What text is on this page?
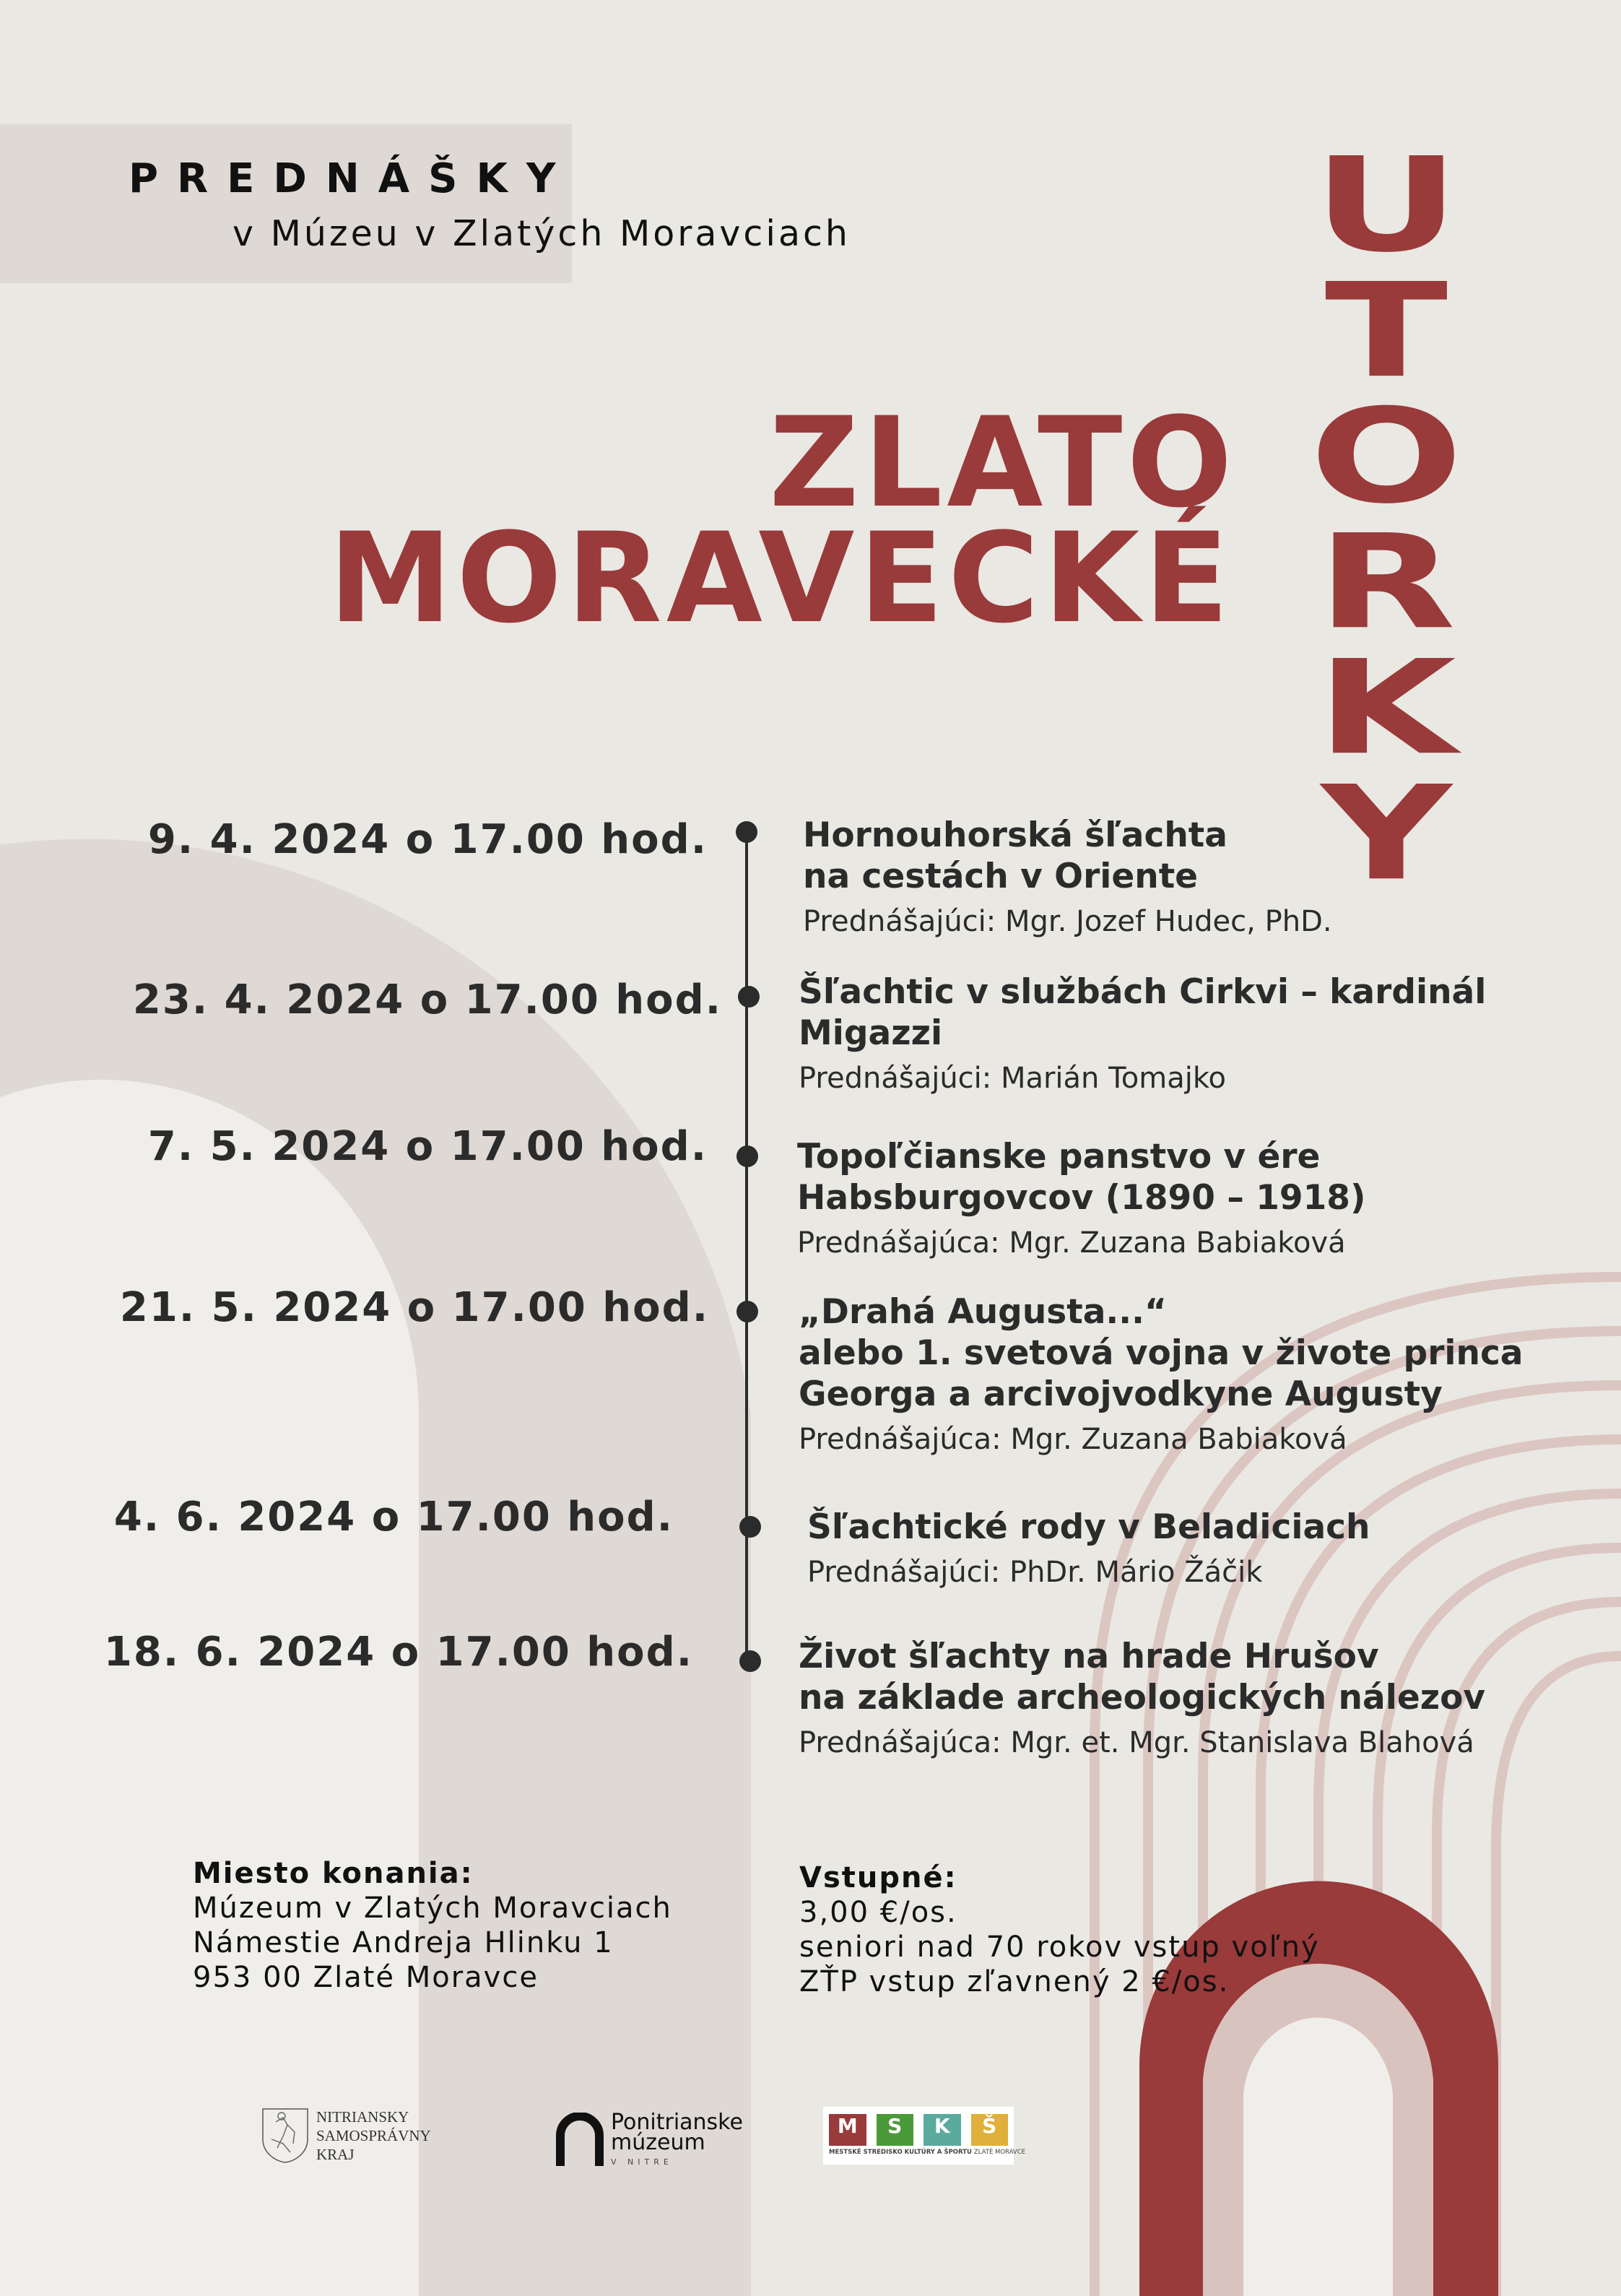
PREDNÁŠKY
v Múzeu v Zlatých Moravciach
ZLATO
MORAVECKÉ
U
T
O
R
K
Y
9. 4. 2024 o 17.00 hod.	Hornouhorská šľachta
na cestách v Oriente
Prednášajúci: Mgr. Jozef Hudec, PhD.
23. 4. 2024 o 17.00 hod. Šľachtic v službách Cirkvi – kardinál
Migazzi
Prednášajúci: Marián Tomajko
7. 5. 2024 o 17.00 hod.	Topoľčianske panstvo v ére
Habsburgovcov (1890 – 1918)
Prednášajúca: Mgr. Zuzana Babiaková
21. 5. 2024 o 17.00 hod.	„Drahá Augusta...“
alebo 1. svetová vojna v živote princa
Georga a arcivojvodkyne Augusty
Prednášajúca: Mgr. Zuzana Babiaková
4. 6. 2024 o 17.00 hod.	Šľachtické rody v Beladiciach
Prednášajúci: PhDr. Mário Žáčik
18. 6. 2024 o 17.00 hod.	Život šľachty na hrade Hrušov
na základe archeologických nálezov
Prednášajúca: Mgr. et. Mgr. Stanislava Blahová
Miesto konania:
Múzeum v Zlatých Moravciach
Námestie Andreja Hlinku 1
953 00 Zlaté Moravce
Vstupné:
3,00 €/os.
seniori nad 70 rokov vstup voľný
ZŤP vstup zľavnený 2 €/os.
NITRIANSKY
SAMOSPRÁVNY
KRAJ
Ponitrianske
múzeum
V NITRE
M	S	K	Š
MESTSKÉ STREDISKO KULTÚRY A ŠPORTU ZLATÉ MORAVCE
